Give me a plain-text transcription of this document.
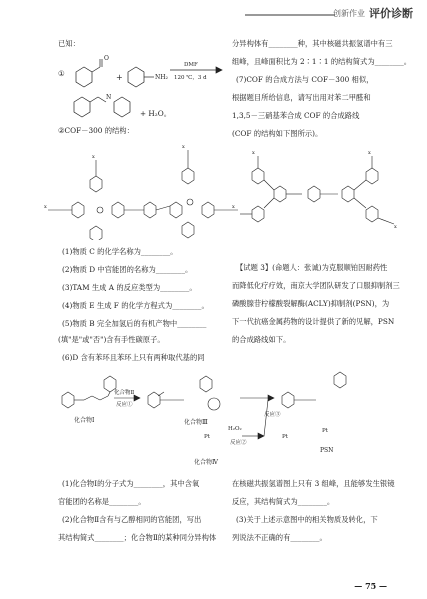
创新作业 评价诊断
已知：
①	+	NH₂
O
N
DMF
120 ℃，3 d
+ H₂O。
②COF－300 的结构：
x
x
x	x
(1)物质 C 的化学名称为________。
(2)物质 D 中官能团的名称为________。
(3)TAM 生成 A 的反应类型为________。
(4)物质 E 生成 F 的化学方程式为________。
(5)物质 B 完全加氢后的有机产物中________
(填"是"或"否")含有手性碳原子。
(6)D 含有苯环且苯环上只有两种取代基的同
分异构体有________种，其中核磁共振氢谱中有三
组峰，且峰面积比为 2∶1∶1 的结构简式为________。
(7)COF 的合成方法与 COF－300 相似，
根据题目所给信息，请写出用对苯二甲醛和
1,3,5－三硝基苯合成 COF 的合成路线
(COF 的结构如下图所示)。
x	x
x
【试题 3】(命题人：张诚)为克服顺铂因耐药性
而降低化疗疗效，南京大学团队研发了口服抑制剂三
磷酸腺苷柠檬酸裂解酶(ACLY)抑制剂(PSN)，为
下一代抗癌金属药物的设计提供了新的见解，PSN
的合成路线如下。
化合物Ⅰ
化合物Ⅱ
反应①
化合物Ⅲ
反应③
H₂O₂
反应②
Pt	Pt
化合物Ⅳ
Pt
PSN
(1)化合物Ⅰ的分子式为________，其中含氧
官能团的名称是________。
(2)化合物Ⅱ含有与乙醇相同的官能团，写出
其结构简式________；化合物Ⅱ的某种同分异构体
在核磁共振氢谱图上只有 3 组峰，且能够发生银镜
反应，其结构简式为________。
(3)关于上述示意图中的相关物质及转化，下
列说法不正确的有________。
— 75 —
